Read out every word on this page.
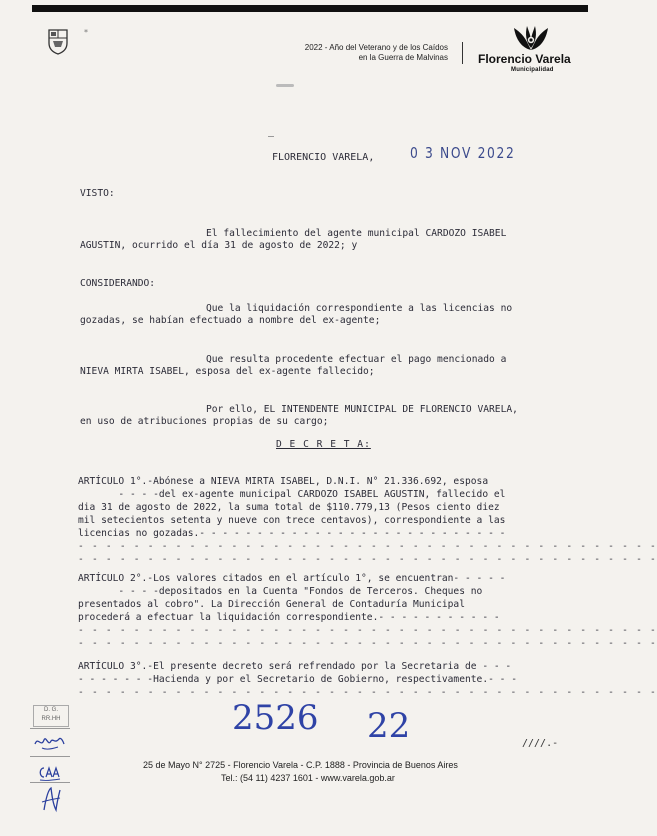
*
2022 - Año del Veterano y de los Caídos
en la Guerra de Malvinas	Florencio Varela
Municipalidad
FLORENCIO VARELA, 0 3 NOV 2022
VISTO:
El fallecimiento del agente municipal CARDOZO ISABEL
AGUSTIN, ocurrido el día 31 de agosto de 2022; y
CONSIDERANDO:
Que la liquidación correspondiente a las licencias no
gozadas, se habían efectuado a nombre del ex-agente;
Que resulta procedente efectuar el pago mencionado a
NIEVA MIRTA ISABEL, esposa del ex-agente fallecido;
Por ello, EL INTENDENTE MUNICIPAL DE FLORENCIO VARELA,
en uso de atribuciones propias de su cargo;
D E C R E T A:
ARTÍCULO 1°.-Abónese a NIEVA MIRTA ISABEL, D.N.I. N° 21.336.692, esposa
- - - -del ex-agente municipal CARDOZO ISABEL AGUSTIN, fallecido el
dia 31 de agosto de 2022, la suma total de $110.779,13 (Pesos ciento diez
mil setecientos setenta y nueve con trece centavos), correspondiente a las
licencias no gozadas.- - - - - - - - - - - - - - - - - - - - - - - - - - -
- - - - - - - - - - - - - - - - - - - - - - - - - - - - - - - - - - - - - - - - - -
- - - - - - - - - - - - - - - - - - - - - - - - - - - - - - - - - - - - - - - - - -
ARTÍCULO 2°.-Los valores citados en el artículo 1°, se encuentran- - - - -
- - - -depositados en la Cuenta "Fondos de Terceros. Cheques no
presentados al cobro". La Dirección General de Contaduría Municipal
procederá a efectuar la liquidación correspondiente.- - - - - - - - - - -
- - - - - - - - - - - - - - - - - - - - - - - - - - - - - - - - - - - - - - - - - -
- - - - - - - - - - - - - - - - - - - - - - - - - - - - - - - - - - - - - - - - - -
ARTÍCULO 3°.-El presente decreto será refrendado por la Secretaria de - - -
- - - - - - -Hacienda y por el Secretario de Gobierno, respectivamente.- - -
- - - - - - - - - - - - - - - - - - - - - - - - - - - - - - - - - - - - - - - - - -
2526 22
D. G.
RR.HH
////.-
25 de Mayo N° 2725 - Florencio Varela - C.P. 1888 - Provincia de Buenos Aires
Tel.: (54 11) 4237 1601 - www.varela.gob.ar
